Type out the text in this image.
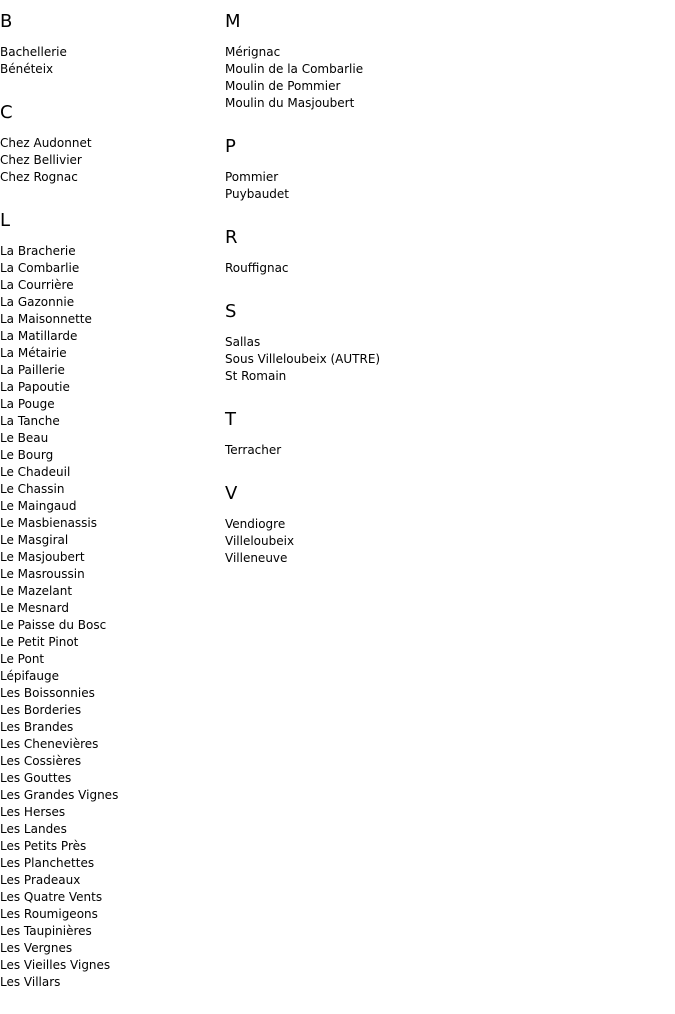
B
Bachellerie
Bénéteix
C
Chez Audonnet
Chez Bellivier
Chez Rognac
L
La Bracherie
La Combarlie
La Courrière
La Gazonnie
La Maisonnette
La Matillarde
La Métairie
La Paillerie
La Papoutie
La Pouge
La Tanche
Le Beau
Le Bourg
Le Chadeuil
Le Chassin
Le Maingaud
Le Masbienassis
Le Masgiral
Le Masjoubert
Le Masroussin
Le Mazelant
Le Mesnard
Le Paisse du Bosc
Le Petit Pinot
Le Pont
Lépifauge
Les Boissonnies
Les Borderies
Les Brandes
Les Chenevières
Les Cossières
Les Gouttes
Les Grandes Vignes
Les Herses
Les Landes
Les Petits Près
Les Planchettes
Les Pradeaux
Les Quatre Vents
Les Roumigeons
Les Taupinières
Les Vergnes
Les Vieilles Vignes
Les Villars
M
Mérignac
Moulin de la Combarlie
Moulin de Pommier
Moulin du Masjoubert
P
Pommier
Puybaudet
R
Rouffignac
S
Sallas
Sous Villeloubeix (AUTRE)
St Romain
T
Terracher
V
Vendiogre
Villeloubeix
Villeneuve
